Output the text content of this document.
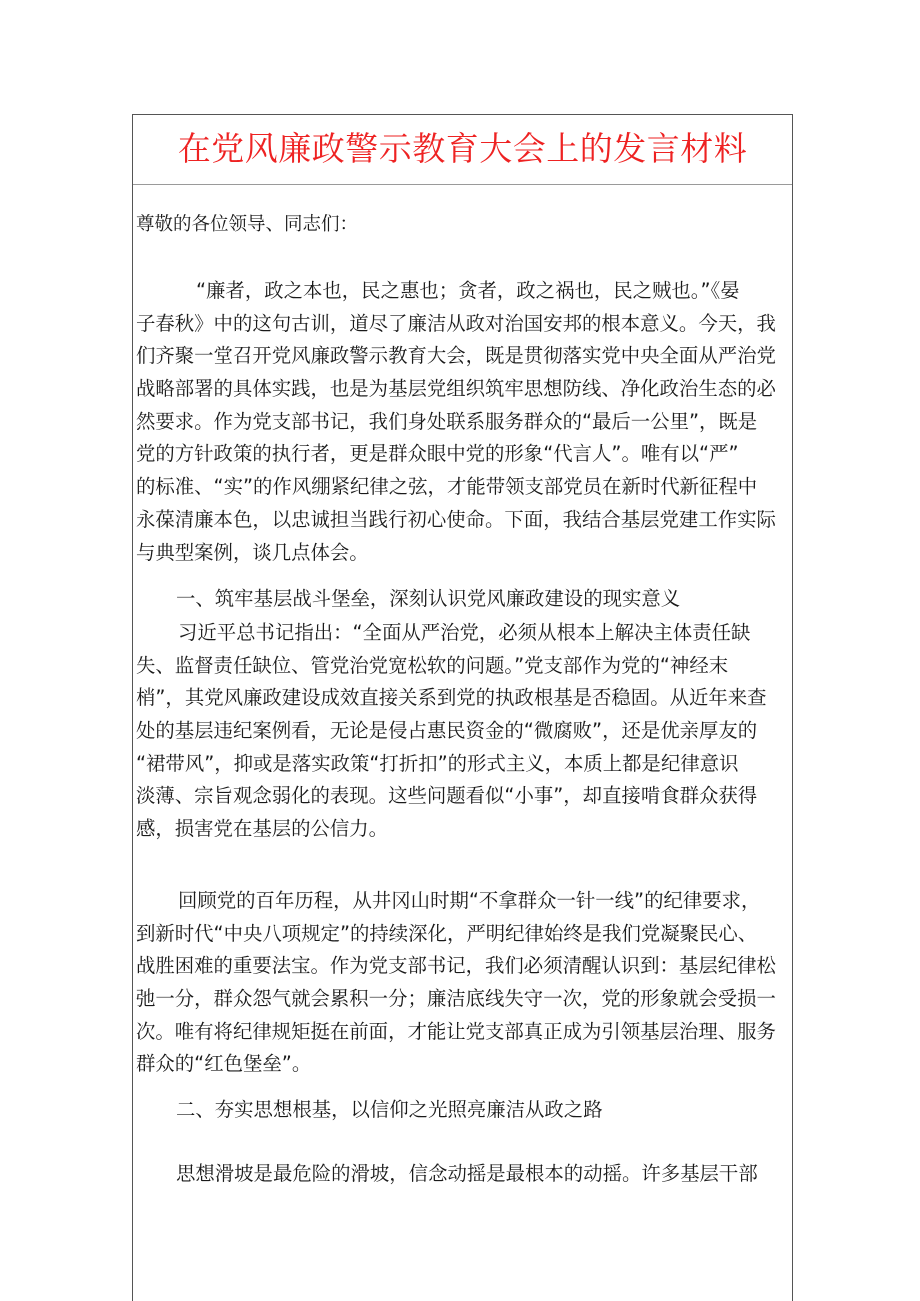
在党风廉政警示教育大会上的发言材料
尊敬的各位领导、同志们：
“廉者，政之本也，民之惠也；贪者，政之祸也，民之贼也。”《晏
子春秋》中的这句古训，道尽了廉洁从政对治国安邦的根本意义。今天，我
们齐聚一堂召开党风廉政警示教育大会，既是贯彻落实党中央全面从严治党
战略部署的具体实践，也是为基层党组织筑牢思想防线、净化政治生态的必
然要求。作为党支部书记，我们身处联系服务群众的“最后一公里”，既是
党的方针政策的执行者，更是群众眼中党的形象“代言人”。唯有以“严”
的标准、“实”的作风绷紧纪律之弦，才能带领支部党员在新时代新征程中
永葆清廉本色，以忠诚担当践行初心使命。下面，我结合基层党建工作实际
与典型案例，谈几点体会。
一、筑牢基层战斗堡垒，深刻认识党风廉政建设的现实意义
习近平总书记指出：“全面从严治党，必须从根本上解决主体责任缺
失、监督责任缺位、管党治党宽松软的问题。”党支部作为党的“神经末
梢”，其党风廉政建设成效直接关系到党的执政根基是否稳固。从近年来查
处的基层违纪案例看，无论是侵占惠民资金的“微腐败”，还是优亲厚友的
“裙带风”，抑或是落实政策“打折扣”的形式主义，本质上都是纪律意识
淡薄、宗旨观念弱化的表现。这些问题看似“小事”，却直接啃食群众获得
感，损害党在基层的公信力。
回顾党的百年历程，从井冈山时期“不拿群众一针一线”的纪律要求，
到新时代“中央八项规定”的持续深化，严明纪律始终是我们党凝聚民心、
战胜困难的重要法宝。作为党支部书记，我们必须清醒认识到：基层纪律松
弛一分，群众怨气就会累积一分；廉洁底线失守一次，党的形象就会受损一
次。唯有将纪律规矩挺在前面，才能让党支部真正成为引领基层治理、服务
群众的“红色堡垒”。
二、夯实思想根基，以信仰之光照亮廉洁从政之路
思想滑坡是最危险的滑坡，信念动摇是最根本的动摇。许多基层干部
